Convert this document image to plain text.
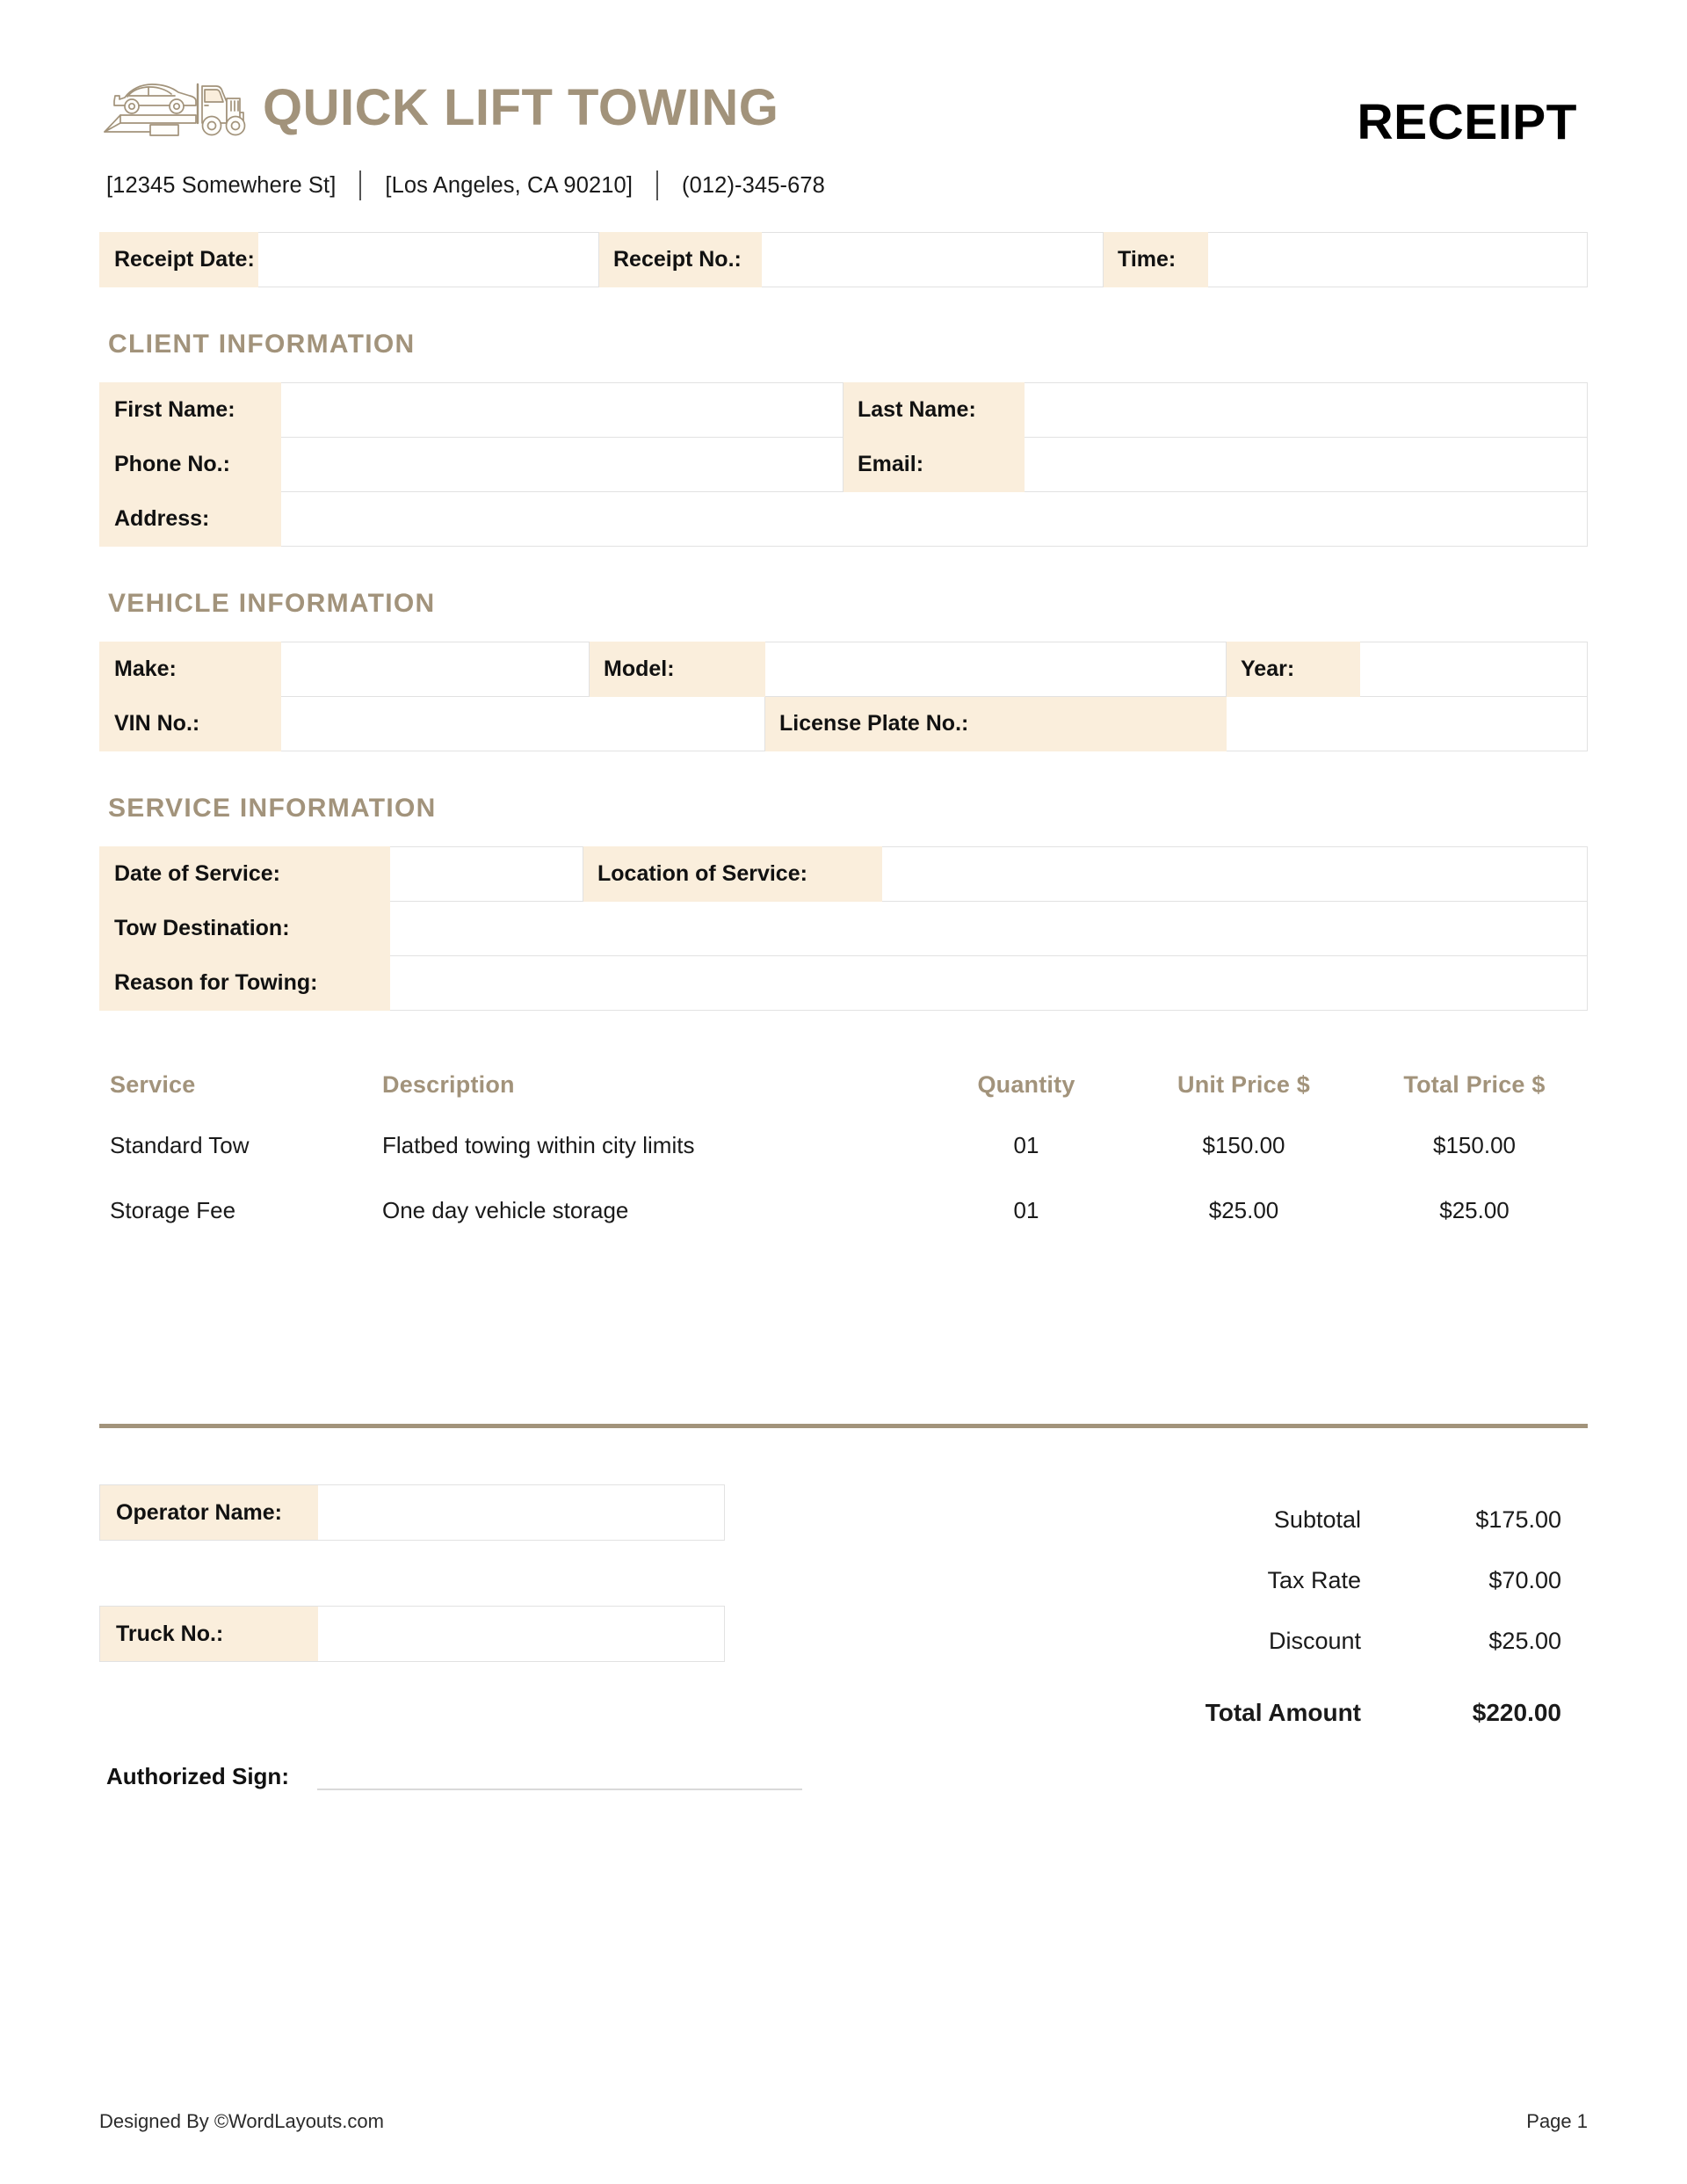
QUICK LIFT TOWING	RECEIPT
[12345 Somewhere St] [Los Angeles, CA 90210] (012)-345-678
Receipt Date:		Receipt No.:		Time:	
CLIENT INFORMATION
First Name:		Last Name:	
Phone No.:		Email:	
Address:			
VEHICLE INFORMATION
Make:		Model:		Year:	
VIN No.:			License Plate No.:		
SERVICE INFORMATION
Date of Service:		Location of Service:	
Tow Destination:			
Reason for Towing:			
Service	Description	Quantity	Unit Price $	Total Price $
Standard Tow	Flatbed towing within city limits	01	$150.00	$150.00
Storage Fee	One day vehicle storage	01	$25.00	$25.00
Operator Name:
Truck No.:
Authorized Sign:
Subtotal	$175.00
Tax Rate	$70.00
Discount	$25.00
Total Amount	$220.00
Designed By ©WordLayouts.com	Page 1
